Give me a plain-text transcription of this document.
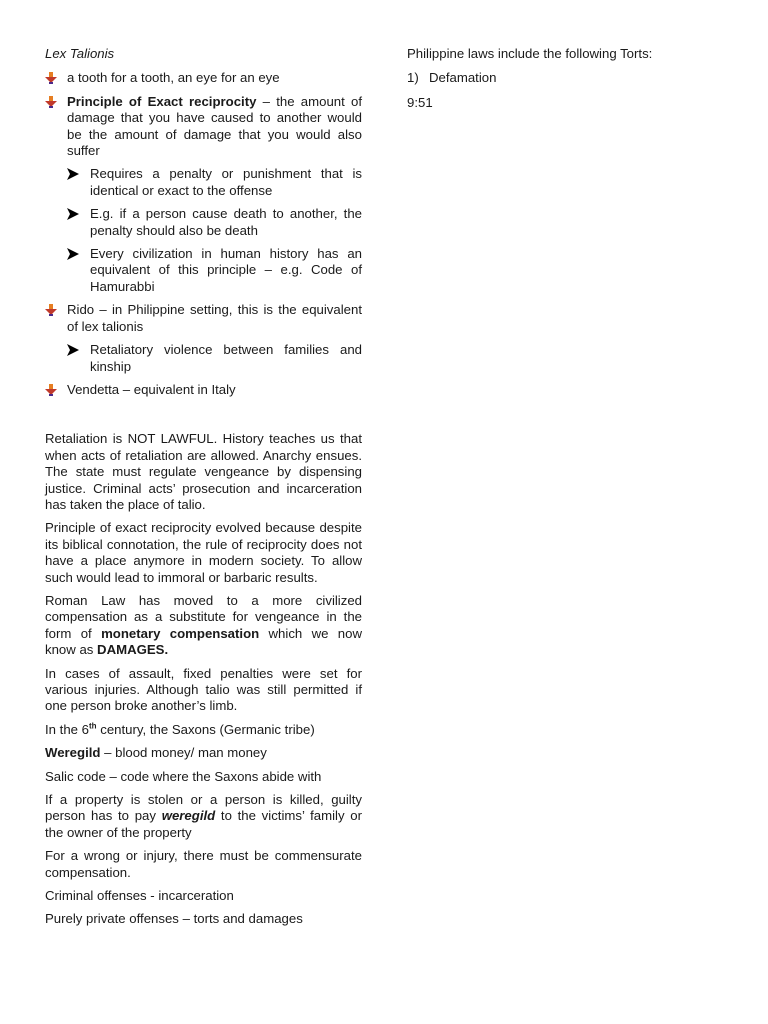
Lex Talionis

a tooth for a tooth, an eye for an eye
Principle of Exact reciprocity – the amount of damage that you have caused to another would be the amount of damage that you would also suffer
Requires a penalty or punishment that is identical or exact to the offense
E.g. if a person cause death to another, the penalty should also be death
Every civilization in human history has an equivalent of this principle – e.g. Code of Hamurabbi
Rido – in Philippine setting, this is the equivalent of lex talionis
Retaliatory violence between families and kinship
Vendetta – equivalent in Italy

Retaliation is NOT LAWFUL. History teaches us that when acts of retaliation are allowed. Anarchy ensues. The state must regulate vengeance by dispensing justice. Criminal acts’ prosecution and incarceration has taken the place of talio.

Principle of exact reciprocity evolved because despite its biblical connotation, the rule of reciprocity does not have a place anymore in modern society. To allow such would lead to immoral or barbaric results.

Roman Law has moved to a more civilized compensation as a substitute for vengeance in the form of monetary compensation which we now know as DAMAGES.

In cases of assault, fixed penalties were set for various injuries. Although talio was still permitted if one person broke another’s limb.

In the 6th century, the Saxons (Germanic tribe)

Weregild – blood money/ man money

Salic code – code where the Saxons abide with

If a property is stolen or a person is killed, guilty person has to pay weregild to the victims’ family or the owner of the property

For a wrong or injury, there must be commensurate compensation.

Criminal offenses - incarceration

Purely private offenses – torts and damages

Philippine laws include the following Torts:

1) Defamation

9:51
